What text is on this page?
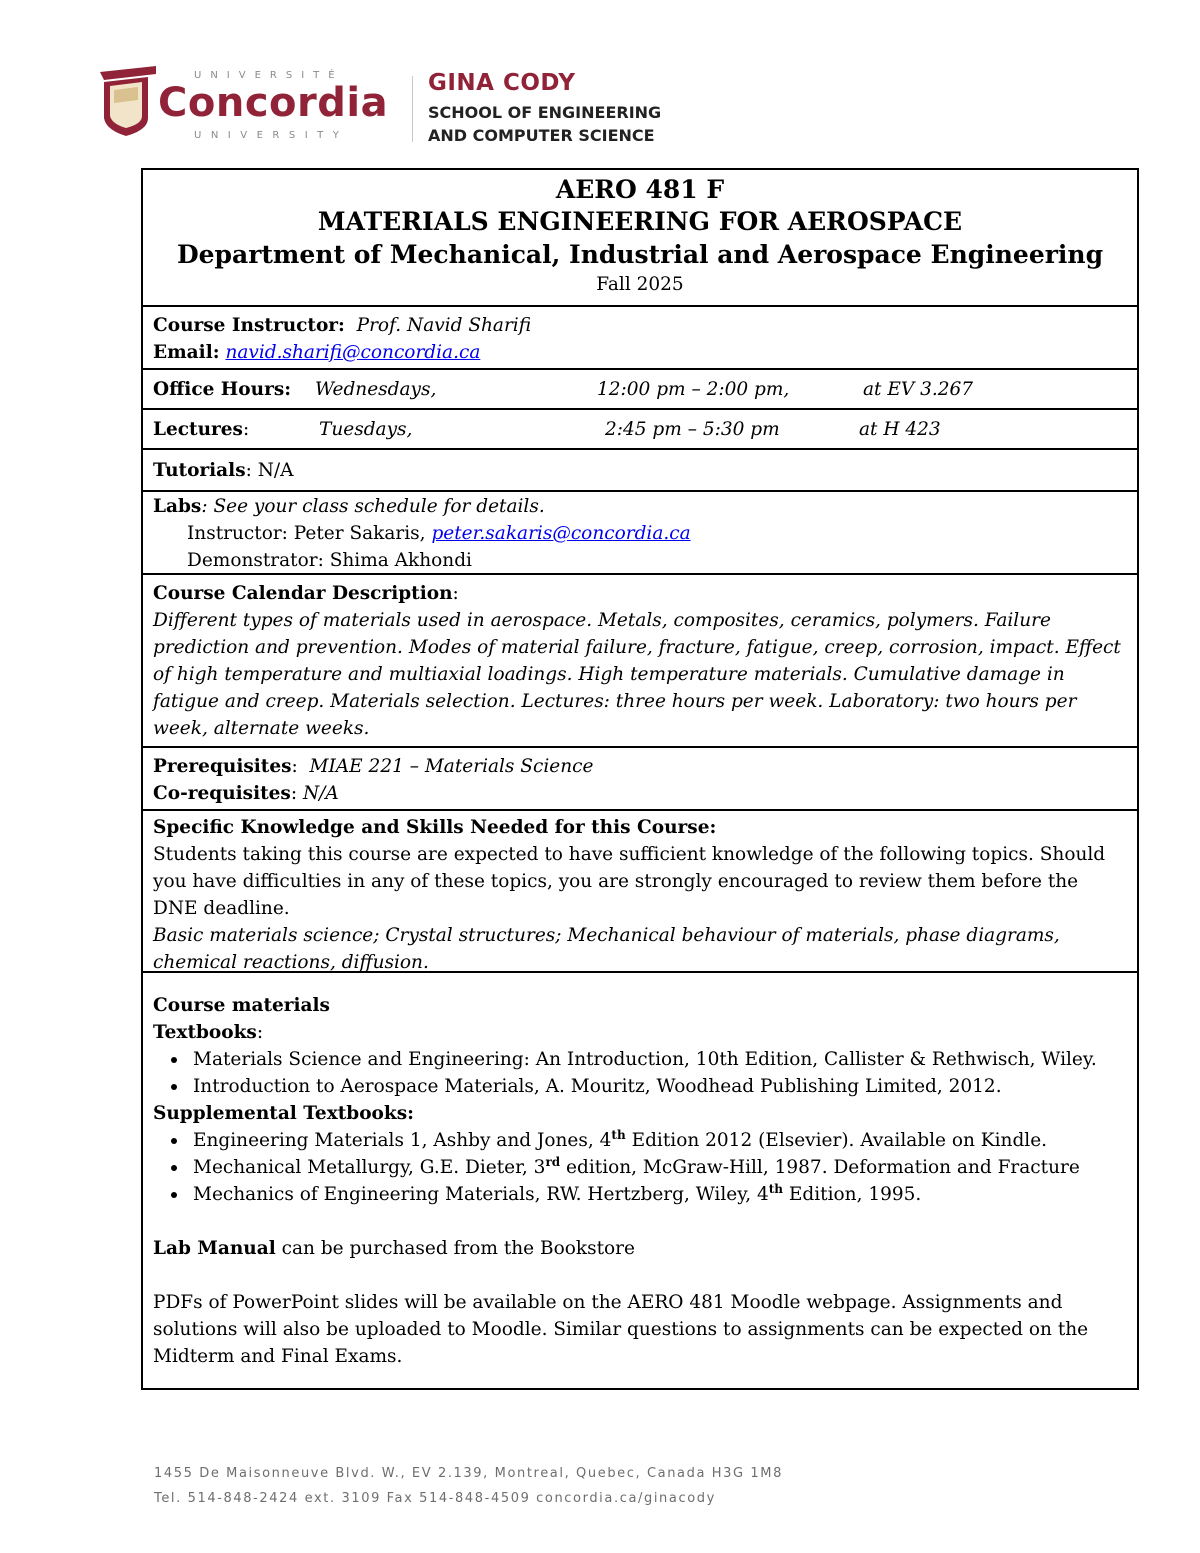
UNIVERSITÉ
Concordia
UNIVERSITY
GINA CODY
SCHOOL OF ENGINEERING
AND COMPUTER SCIENCE
AERO 481 F
MATERIALS ENGINEERING FOR AEROSPACE
Department of Mechanical, Industrial and Aerospace Engineering
Fall 2025
Course Instructor: Prof. Navid Sharifi
Email: navid.sharifi@concordia.ca
Office Hours: Wednesdays,	12:00 pm – 2:00 pm,	at EV 3.267
Lectures:	Tuesdays,	2:45 pm – 5:30 pm	at H 423
Tutorials: N/A
Labs: See your class schedule for details.
Instructor: Peter Sakaris, peter.sakaris@concordia.ca
Demonstrator: Shima Akhondi
Course Calendar Description:
Different types of materials used in aerospace. Metals, composites, ceramics, polymers. Failure
prediction and prevention. Modes of material failure, fracture, fatigue, creep, corrosion, impact. Effect
of high temperature and multiaxial loadings. High temperature materials. Cumulative damage in
fatigue and creep. Materials selection. Lectures: three hours per week. Laboratory: two hours per
week, alternate weeks.
Prerequisites:  MIAE 221 – Materials Science
Co-requisites: N/A
Specific Knowledge and Skills Needed for this Course:
Students taking this course are expected to have sufficient knowledge of the following topics. Should
you have difficulties in any of these topics, you are strongly encouraged to review them before the
DNE deadline.
Basic materials science; Crystal structures; Mechanical behaviour of materials, phase diagrams,
chemical reactions, diffusion.
Course materials
Textbooks:
Materials Science and Engineering: An Introduction, 10th Edition, Callister & Rethwisch, Wiley.
Introduction to Aerospace Materials, A. Mouritz, Woodhead Publishing Limited, 2012.
Supplemental Textbooks:
Engineering Materials 1, Ashby and Jones, 4th Edition 2012 (Elsevier). Available on Kindle.
Mechanical Metallurgy, G.E. Dieter, 3rd edition, McGraw-Hill, 1987. Deformation and Fracture
Mechanics of Engineering Materials, RW. Hertzberg, Wiley, 4th Edition, 1995.
Lab Manual can be purchased from the Bookstore
PDFs of PowerPoint slides will be available on the AERO 481 Moodle webpage. Assignments and
solutions will also be uploaded to Moodle. Similar questions to assignments can be expected on the
Midterm and Final Exams.
1455 De Maisonneuve Blvd. W., EV 2.139, Montreal, Quebec, Canada H3G 1M8
Tel. 514-848-2424 ext. 3109 Fax 514-848-4509 concordia.ca/ginacody
